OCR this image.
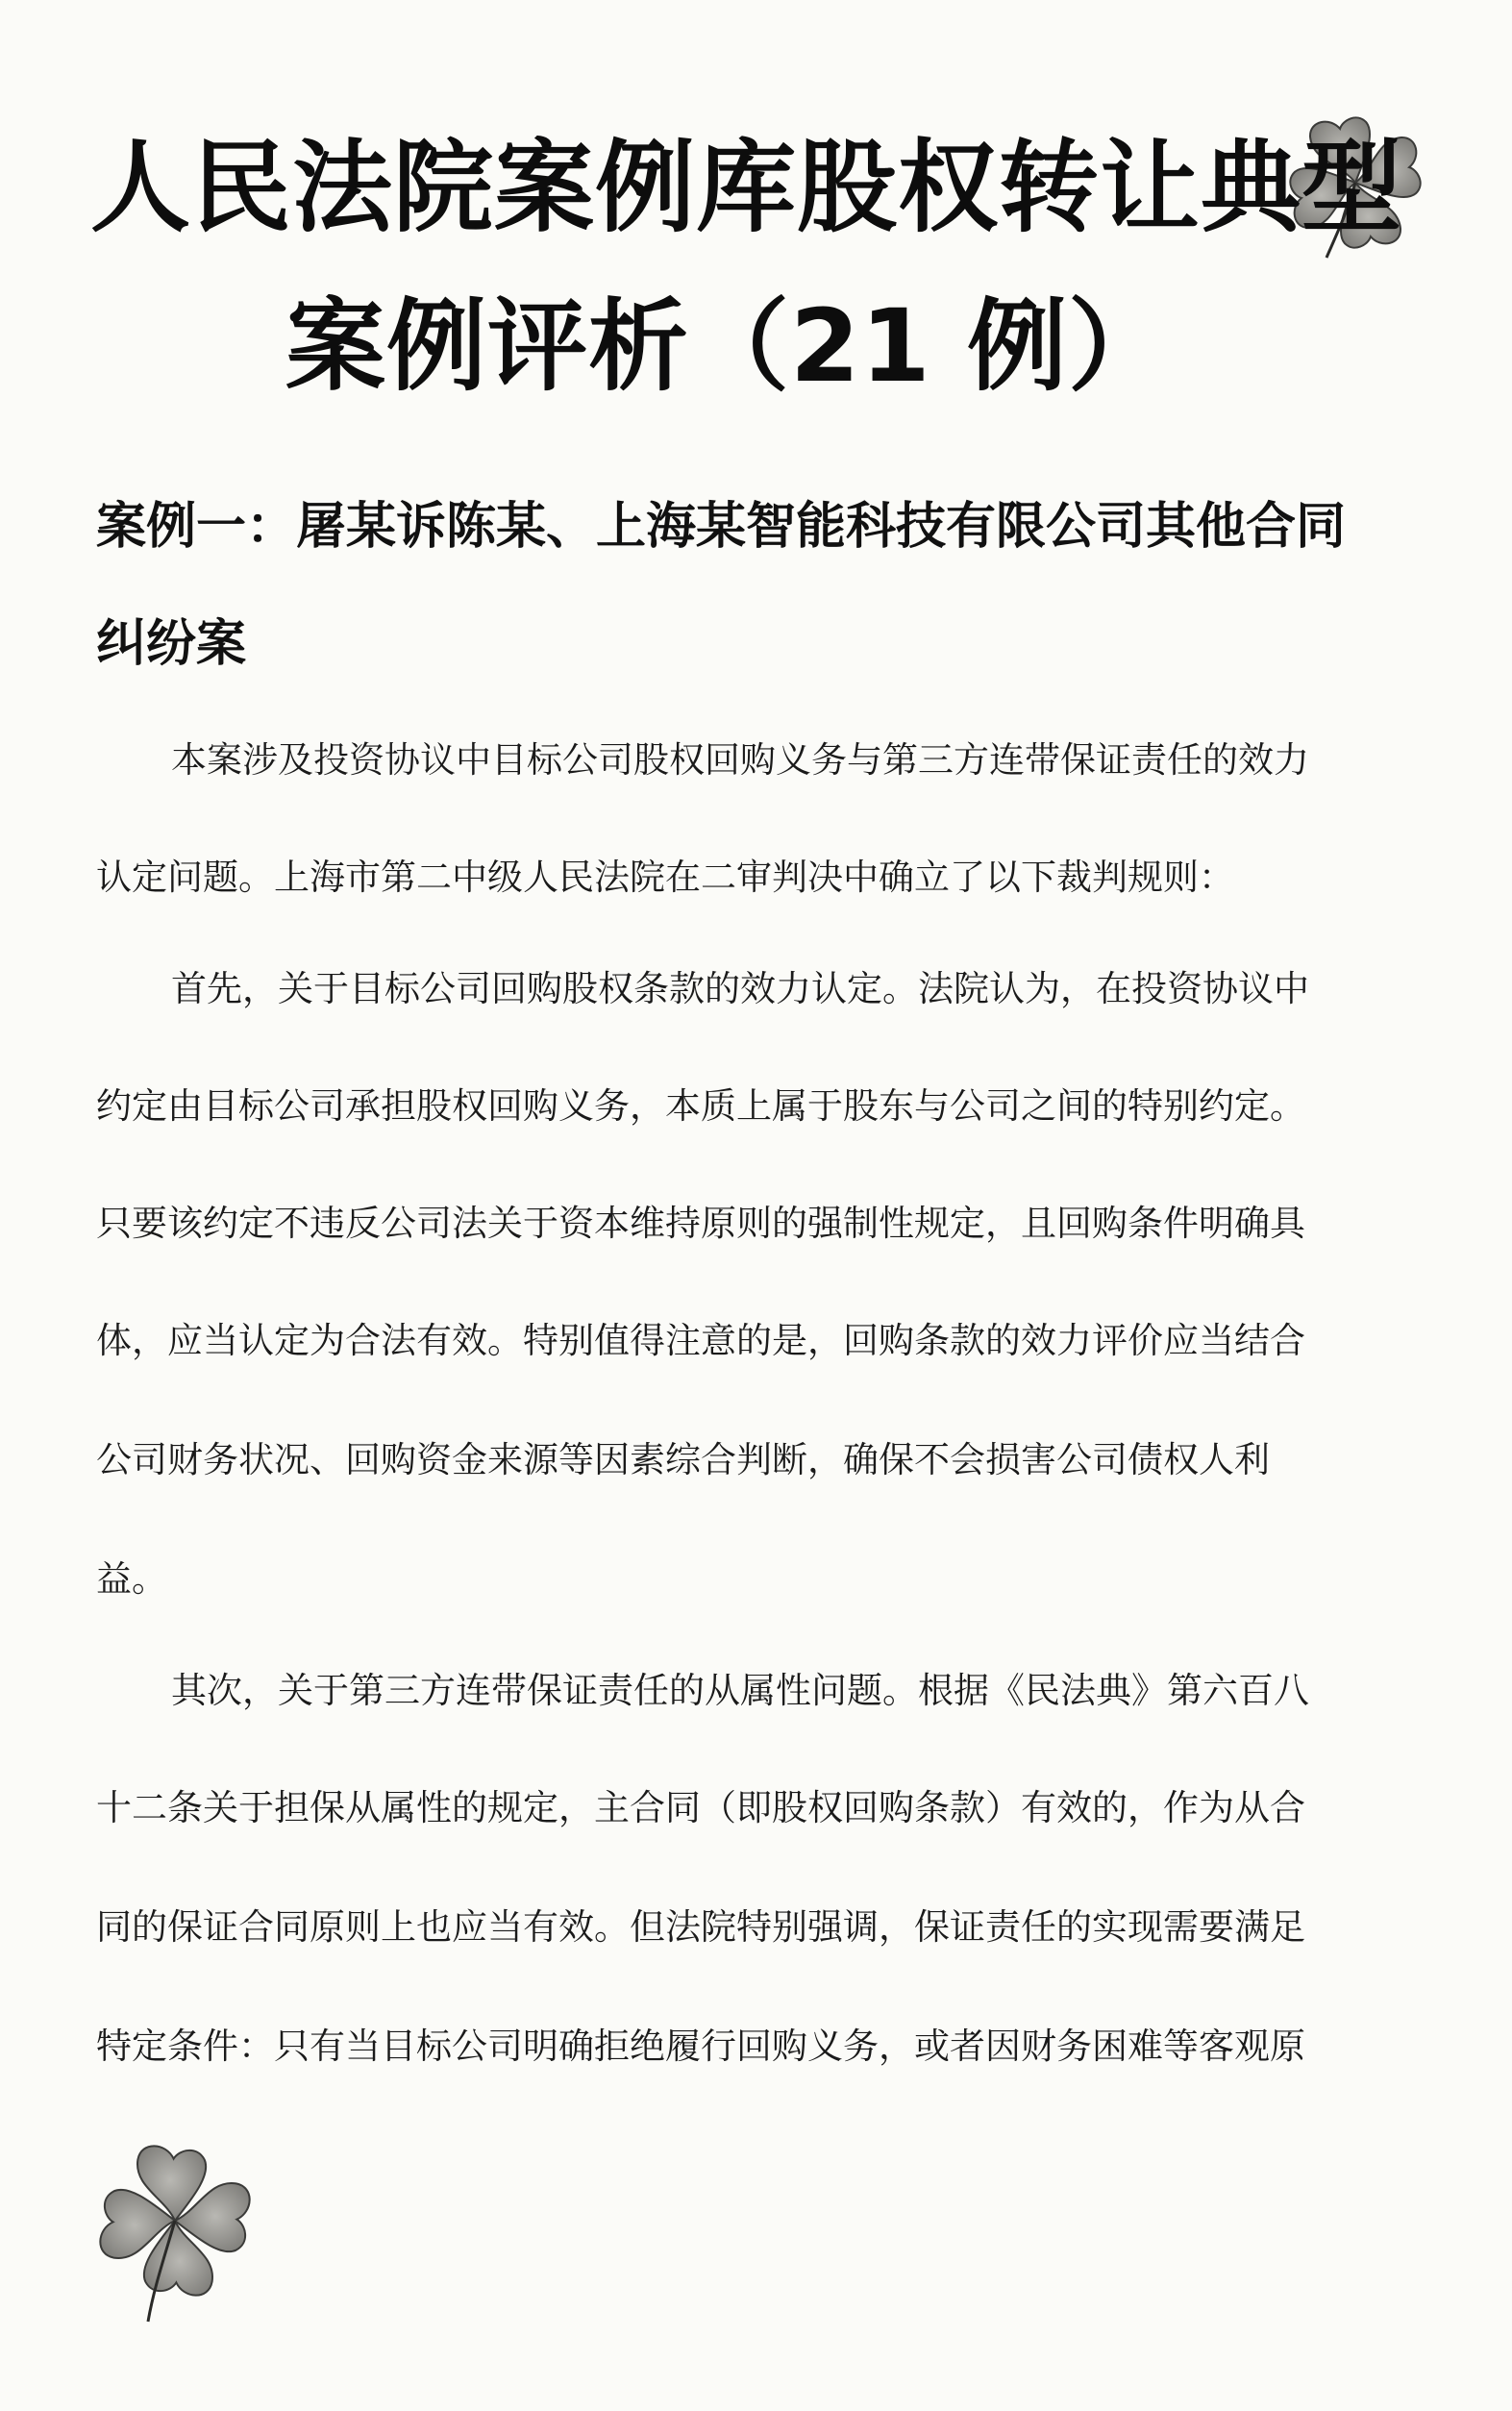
人民法院案例库股权转让典型
案例评析（21 例）
案例一：屠某诉陈某、上海某智能科技有限公司其他合同
纠纷案
本案涉及投资协议中目标公司股权回购义务与第三方连带保证责任的效力
认定问题。上海市第二中级人民法院在二审判决中确立了以下裁判规则：
首先，关于目标公司回购股权条款的效力认定。法院认为，在投资协议中
约定由目标公司承担股权回购义务，本质上属于股东与公司之间的特别约定。
只要该约定不违反公司法关于资本维持原则的强制性规定，且回购条件明确具
体，应当认定为合法有效。特别值得注意的是，回购条款的效力评价应当结合
公司财务状况、回购资金来源等因素综合判断，确保不会损害公司债权人利
益。
其次，关于第三方连带保证责任的从属性问题。根据《民法典》第六百八
十二条关于担保从属性的规定，主合同（即股权回购条款）有效的，作为从合
同的保证合同原则上也应当有效。但法院特别强调，保证责任的实现需要满足
特定条件：只有当目标公司明确拒绝履行回购义务，或者因财务困难等客观原
